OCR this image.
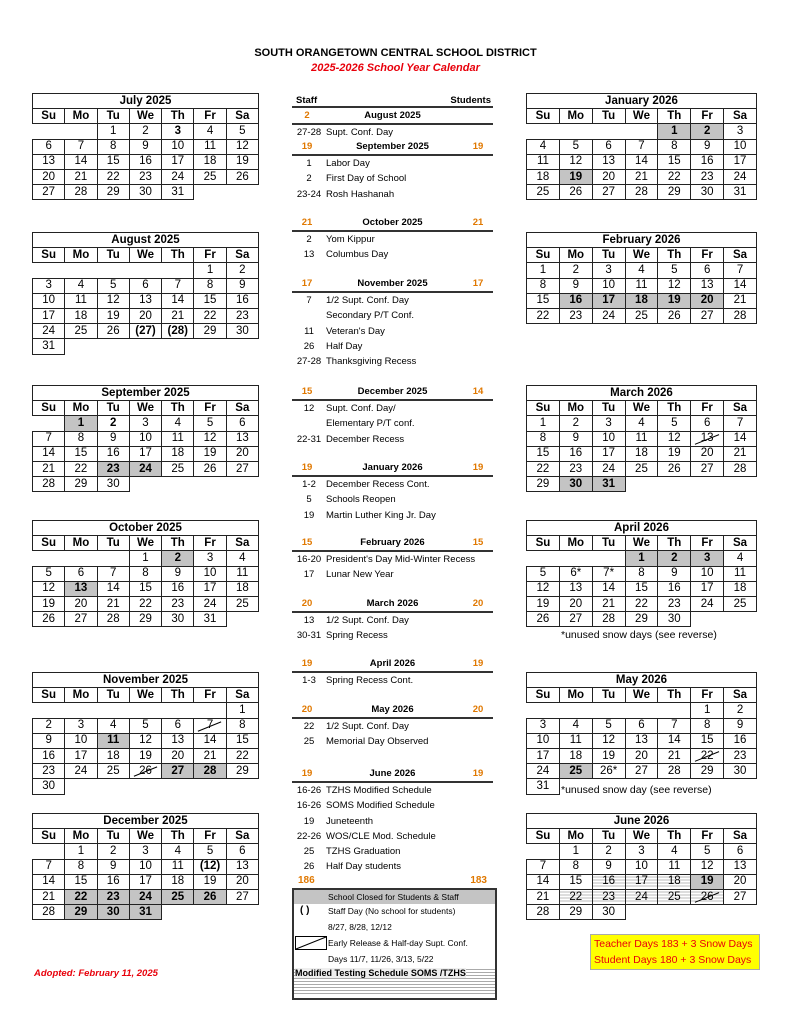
SOUTH ORANGETOWN CENTRAL SCHOOL DISTRICT
2025-2026 School Year Calendar
July 2025						
Su	Mo	Tu	We	Th	Fr	Sa
		1	2	3	4	5
6	7	8	9	10	11	12
13	14	15	16	17	18	19
20	21	22	23	24	25	26
27	28	29	30	31		
August 2025						
Su	Mo	Tu	We	Th	Fr	Sa
					1	2
3	4	5	6	7	8	9
10	11	12	13	14	15	16
17	18	19	20	21	22	23
24	25	26	(27)	(28)	29	30
31						
September 2025						
Su	Mo	Tu	We	Th	Fr	Sa
	1	2	3	4	5	6
7	8	9	10	11	12	13
14	15	16	17	18	19	20
21	22	23	24	25	26	27
28	29	30				
October 2025						
Su	Mo	Tu	We	Th	Fr	Sa
			1	2	3	4
5	6	7	8	9	10	11
12	13	14	15	16	17	18
19	20	21	22	23	24	25
26	27	28	29	30	31	
November 2025						
Su	Mo	Tu	We	Th	Fr	Sa
						1
2	3	4	5	6	7	8
9	10	11	12	13	14	15
16	17	18	19	20	21	22
23	24	25	26	27	28	29
30						
December 2025						
Su	Mo	Tu	We	Th	Fr	Sa
	1	2	3	4	5	6
7	8	9	10	11	(12)	13
14	15	16	17	18	19	20
21	22	23	24	25	26	27
28	29	30	31			
January 2026						
Su	Mo	Tu	We	Th	Fr	Sa
				1	2	3
4	5	6	7	8	9	10
11	12	13	14	15	16	17
18	19	20	21	22	23	24
25	26	27	28	29	30	31
February 2026						
Su	Mo	Tu	We	Th	Fr	Sa
1	2	3	4	5	6	7
8	9	10	11	12	13	14
15	16	17	18	19	20	21
22	23	24	25	26	27	28
March 2026						
Su	Mo	Tu	We	Th	Fr	Sa
1	2	3	4	5	6	7
8	9	10	11	12	13	14
15	16	17	18	19	20	21
22	23	24	25	26	27	28
29	30	31				
April 2026						
Su	Mo	Tu	We	Th	Fr	Sa
			1	2	3	4
5	6*	7*	8	9	10	11
12	13	14	15	16	17	18
19	20	21	22	23	24	25
26	27	28	29	30		
May 2026						
Su	Mo	Tu	We	Th	Fr	Sa
					1	2
3	4	5	6	7	8	9
10	11	12	13	14	15	16
17	18	19	20	21	22	23
24	25	26*	27	28	29	30
31						
June 2026						
Su	Mo	Tu	We	Th	Fr	Sa
	1	2	3	4	5	6
7	8	9	10	11	12	13
14	15	16	17	18	19	20
21	22	23	24	25	26	27
28	29	30				
*unused snow days (see reverse)
*unused snow day (see reverse)
Staff	Students
2	August 2025
27-28 Supt. Conf. Day
19	September 2025	19
1 Labor Day
2 First Day of School
23-24 Rosh Hashanah
21	October 2025	21
2 Yom Kippur
13 Columbus Day
17	November 2025	17
7 1/2 Supt. Conf. Day
Secondary P/T Conf.
11 Veteran's Day
26 Half Day
27-28 Thanksgiving Recess
15	December 2025	14
12 Supt. Conf. Day/
Elementary P/T conf.
22-31 December Recess
19	January 2026	19
1-2 December Recess Cont.
5 Schools Reopen
19 Martin Luther King Jr. Day
15	February 2026	15
16-20 President's Day Mid-Winter Recess
17 Lunar New Year
20	March 2026	20
13 1/2 Supt. Conf. Day
30-31 Spring Recess
19	April 2026	19
1-3 Spring Recess Cont.
20	May 2026	20
22 1/2 Supt. Conf. Day
25 Memorial Day Observed
19	June 2026	19
16-26 TZHS Modified Schedule
16-26 SOMS Modified Schedule
19 Juneteenth
22-26 WOS/CLE Mod. Schedule
25 TZHS Graduation
26 Half Day students
186	183
School Closed for Students & Staff
( ) Staff Day (No school for students)
8/27, 8/28, 12/12
Early Release & Half-day Supt. Conf.
Days 11/7, 11/26, 3/13, 5/22
Modified Testing Schedule SOMS /TZHS
Adopted: February 11, 2025
Teacher Days 183 + 3 Snow Days
Student Days 180 + 3 Snow Days
